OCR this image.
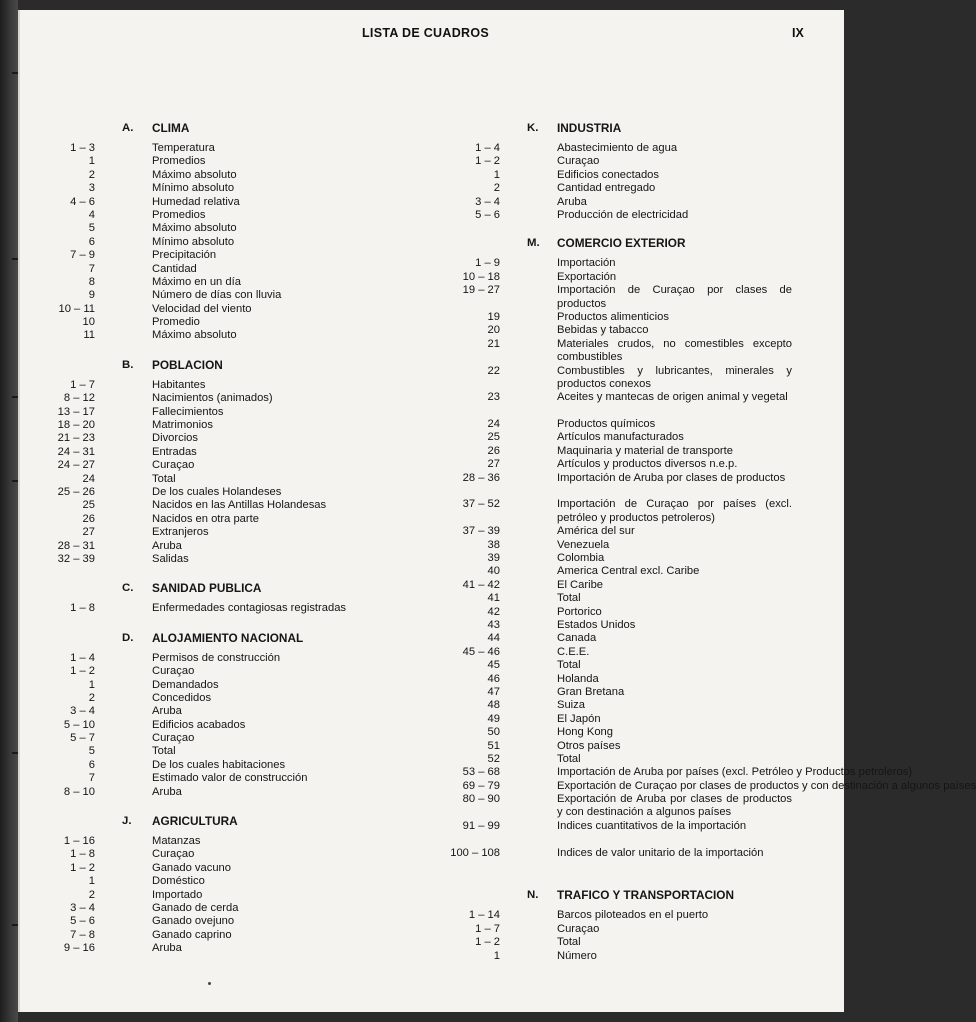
LISTA DE CUADROS	IX
A. CLIMA
1 – 3	Temperatura
1	Promedios
2	Máximo absoluto
3	Mínimo absoluto
4 – 6	Humedad relativa
4	Promedios
5	Máximo absoluto
6	Mínimo absoluto
7 – 9	Precipitación
7	Cantidad
8	Máximo en un día
9	Número de días con lluvia
10 – 11	Velocidad del viento
10	Promedio
11	Máximo absoluto
B. POBLACION
1 – 7	Habitantes
8 – 12	Nacimientos (animados)
13 – 17	Fallecimientos
18 – 20	Matrimonios
21 – 23	Divorcios
24 – 31	Entradas
24 – 27	Curaçao
24	Total
25 – 26	De los cuales Holandeses
25	Nacidos en las Antillas Holandesas
26	Nacidos en otra parte
27	Extranjeros
28 – 31	Aruba
32 – 39	Salidas
C. SANIDAD PUBLICA
1 – 8	Enfermedades contagiosas registradas
D. ALOJAMIENTO NACIONAL
1 – 4	Permisos de construcción
1 – 2	Curaçao
1	Demandados
2	Concedidos
3 – 4	Aruba
5 – 10	Edificios acabados
5 – 7	Curaçao
5	Total
6	De los cuales habitaciones
7	Estimado valor de construcción
8 – 10	Aruba
J. AGRICULTURA
1 – 16	Matanzas
1 – 8	Curaçao
1 – 2	Ganado vacuno
1	Doméstico
2	Importado
3 – 4	Ganado de cerda
5 – 6	Ganado ovejuno
7 – 8	Ganado caprino
9 – 16	Aruba
K. INDUSTRIA
1 – 4	Abastecimiento de agua
1 – 2	Curaçao
1	Edificios conectados
2	Cantidad entregado
3 – 4	Aruba
5 – 6	Producción de electricidad
M. COMERCIO EXTERIOR
1 – 9	Importación
10 – 18	Exportación
19 – 27	Importación de Curaçao por clases de productos
19	Productos alimenticios
20	Bebidas y tabacco
21	Materiales crudos, no comestibles excepto combustibles
22	Combustibles y lubricantes, minerales y productos conexos
23	Aceites y mantecas de origen animal y vegetal
24	Productos químicos
25	Artículos manufacturados
26	Maquinaria y material de transporte
27	Artículos y productos diversos n.e.p.
28 – 36	Importación de Aruba por clases de productos
37 – 52	Importación de Curaçao por países (excl. petróleo y productos petroleros)
37 – 39	América del sur
38	Venezuela
39	Colombia
40	America Central excl. Caribe
41 – 42	El Caribe
41	Total
42	Portorico
43	Estados Unidos
44	Canada
45 – 46	C.E.E.
45	Total
46	Holanda
47	Gran Bretana
48	Suiza
49	El Japón
50	Hong Kong
51	Otros países
52	Total
53 – 68	Importación de Aruba por países (excl. Petróleo y Productos petroleros)
69 – 79	Exportación de Curaçao por clases de productos y con destinación a algunos países
80 – 90	Exportación de Aruba por clases de productos y con destinación a algunos países
91 – 99	Indices cuantitativos de la importación
100 – 108	Indices de valor unitario de la importación
N. TRAFICO Y TRANSPORTACION
1 – 14	Barcos piloteados en el puerto
1 – 7	Curaçao
1 – 2	Total
1	Número
